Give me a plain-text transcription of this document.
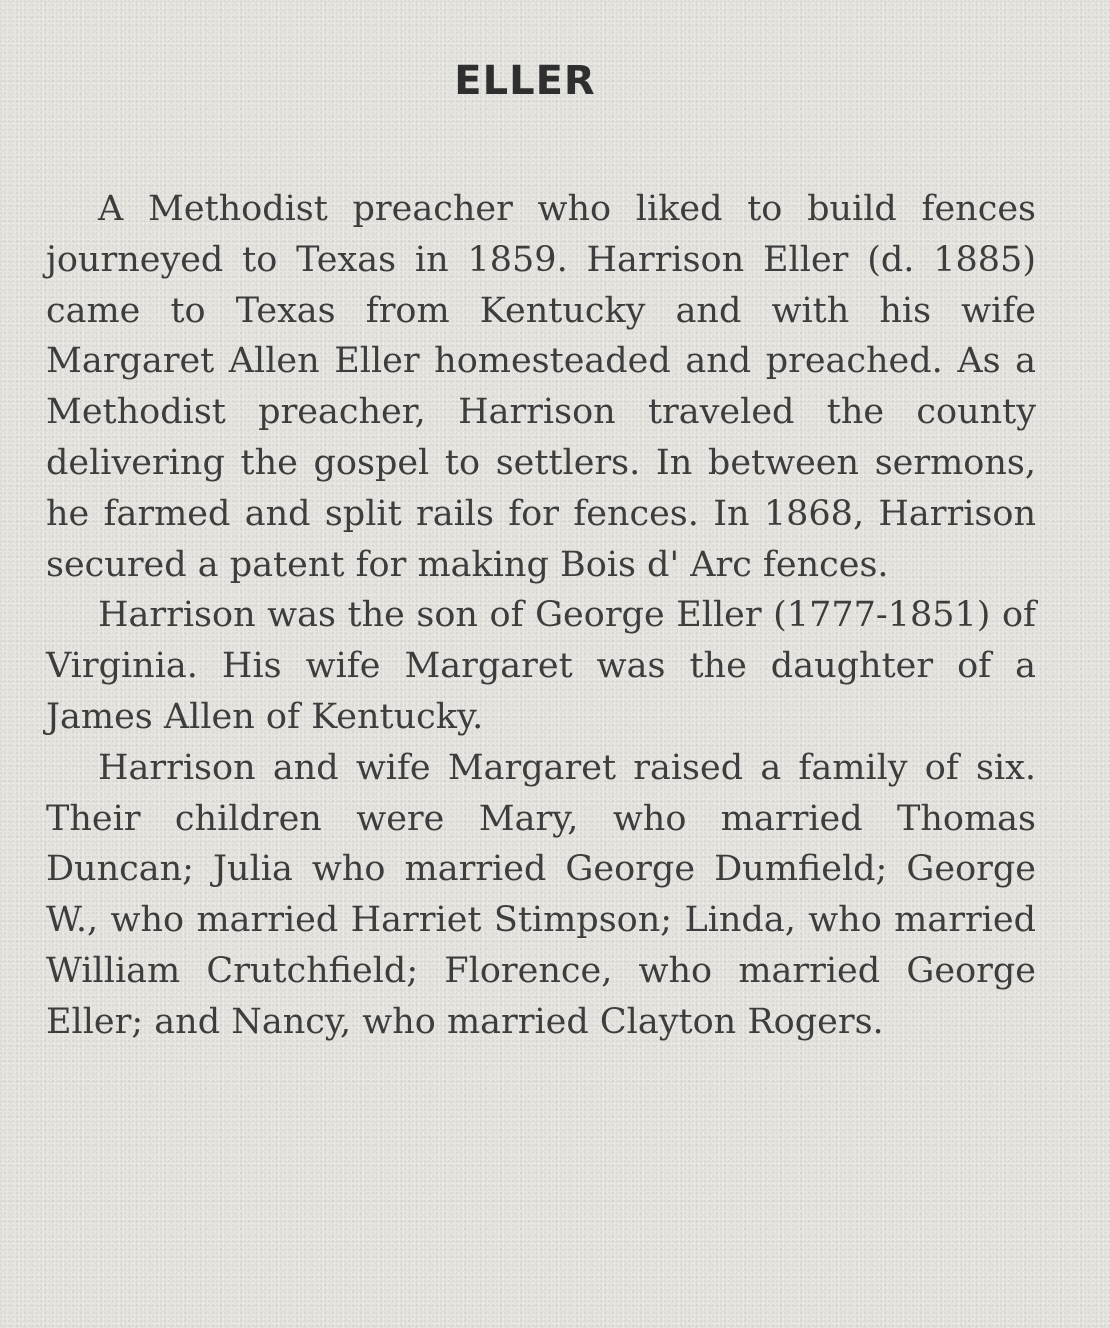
ELLER

A Methodist preacher who liked to build fences journeyed to Texas in 1859. Harrison Eller (d. 1885) came to Texas from Kentucky and with his wife Margaret Allen Eller homesteaded and preached. As a Methodist preacher, Harrison traveled the county delivering the gospel to settlers. In between sermons, he farmed and split rails for fences. In 1868, Harrison secured a patent for making Bois d' Arc fences.

Harrison was the son of George Eller (1777-1851) of Virginia. His wife Margaret was the daughter of a James Allen of Kentucky.

Harrison and wife Margaret raised a family of six. Their children were Mary, who married Thomas Duncan; Julia who married George Dumfield; George W., who married Harriet Stimpson; Linda, who married William Crutchfield; Florence, who married George Eller; and Nancy, who married Clayton Rogers.
